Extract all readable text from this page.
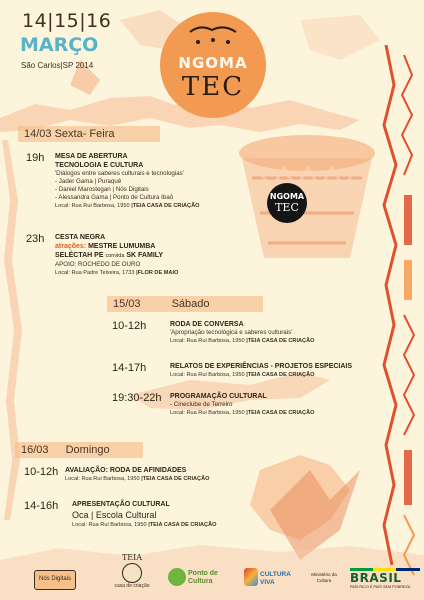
NGOMA
TEC
14|15|16
MARÇO
São Carlos|SP 2014	NGOMA
TEC
14/03 Sexta- Feira
19h MESA DE ABERTURA
TECNOLOGIA E CULTURA
'Diálogos entre saberes culturais e tecnologias'
- Jader Gama | Puraquê
- Daniel Marostegan | Nós Digitais
- Alessandra Gama | Ponto de Cultura Ibaô
Local: Rua Rui Barbosa, 1950 |TEIA CASA DE CRIAÇÃO
23h CESTA NEGRA
atrações: MESTRE LUMUMBA
SELÉCTAH PE convida SK FAMILY
APOIO: ROCHEDO DE OURO
Local: Rua Padre Teixeira, 1733 |FLOR DE MAIO
15/03	Sábado
10-12h	RODA DE CONVERSA
'Apropriação tecnológica e saberes culturais'
Local: Rua Rui Barbosa, 1950 |TEIA CASA DE CRIAÇÃO
14-17h	RELATOS DE EXPERIÊNCIAS - PROJETOS ESPECIAIS
Local: Rua Rui Barbosa, 1950 |TEIA CASA DE CRIAÇÃO
19:30-22h PROGRAMAÇÃO CULTURAL
- Cineclube de Terreiro
Local: Rua Rui Barbosa, 1950 |TEIA CASA DE CRIAÇÃO
16/03 Domingo
10-12h AVALIAÇÃO: RODA DE AFINIDADES
Local: Rua Rui Barbosa, 1950 |TEIA CASA DE CRIAÇÃO
14-16h APRESENTAÇÃO CULTURAL
Oca | Escola Cultural
Local: Rua Rui Barbosa, 1950 |TEIA CASA DE CRIAÇÃO
Nós Digitais
TEIA
casa de criação
Ponto de Cultura
CULTURA VIVA
Ministério da Cultura	BRASIL
PAÍS RICO É PAÍS SEM POBREZA
